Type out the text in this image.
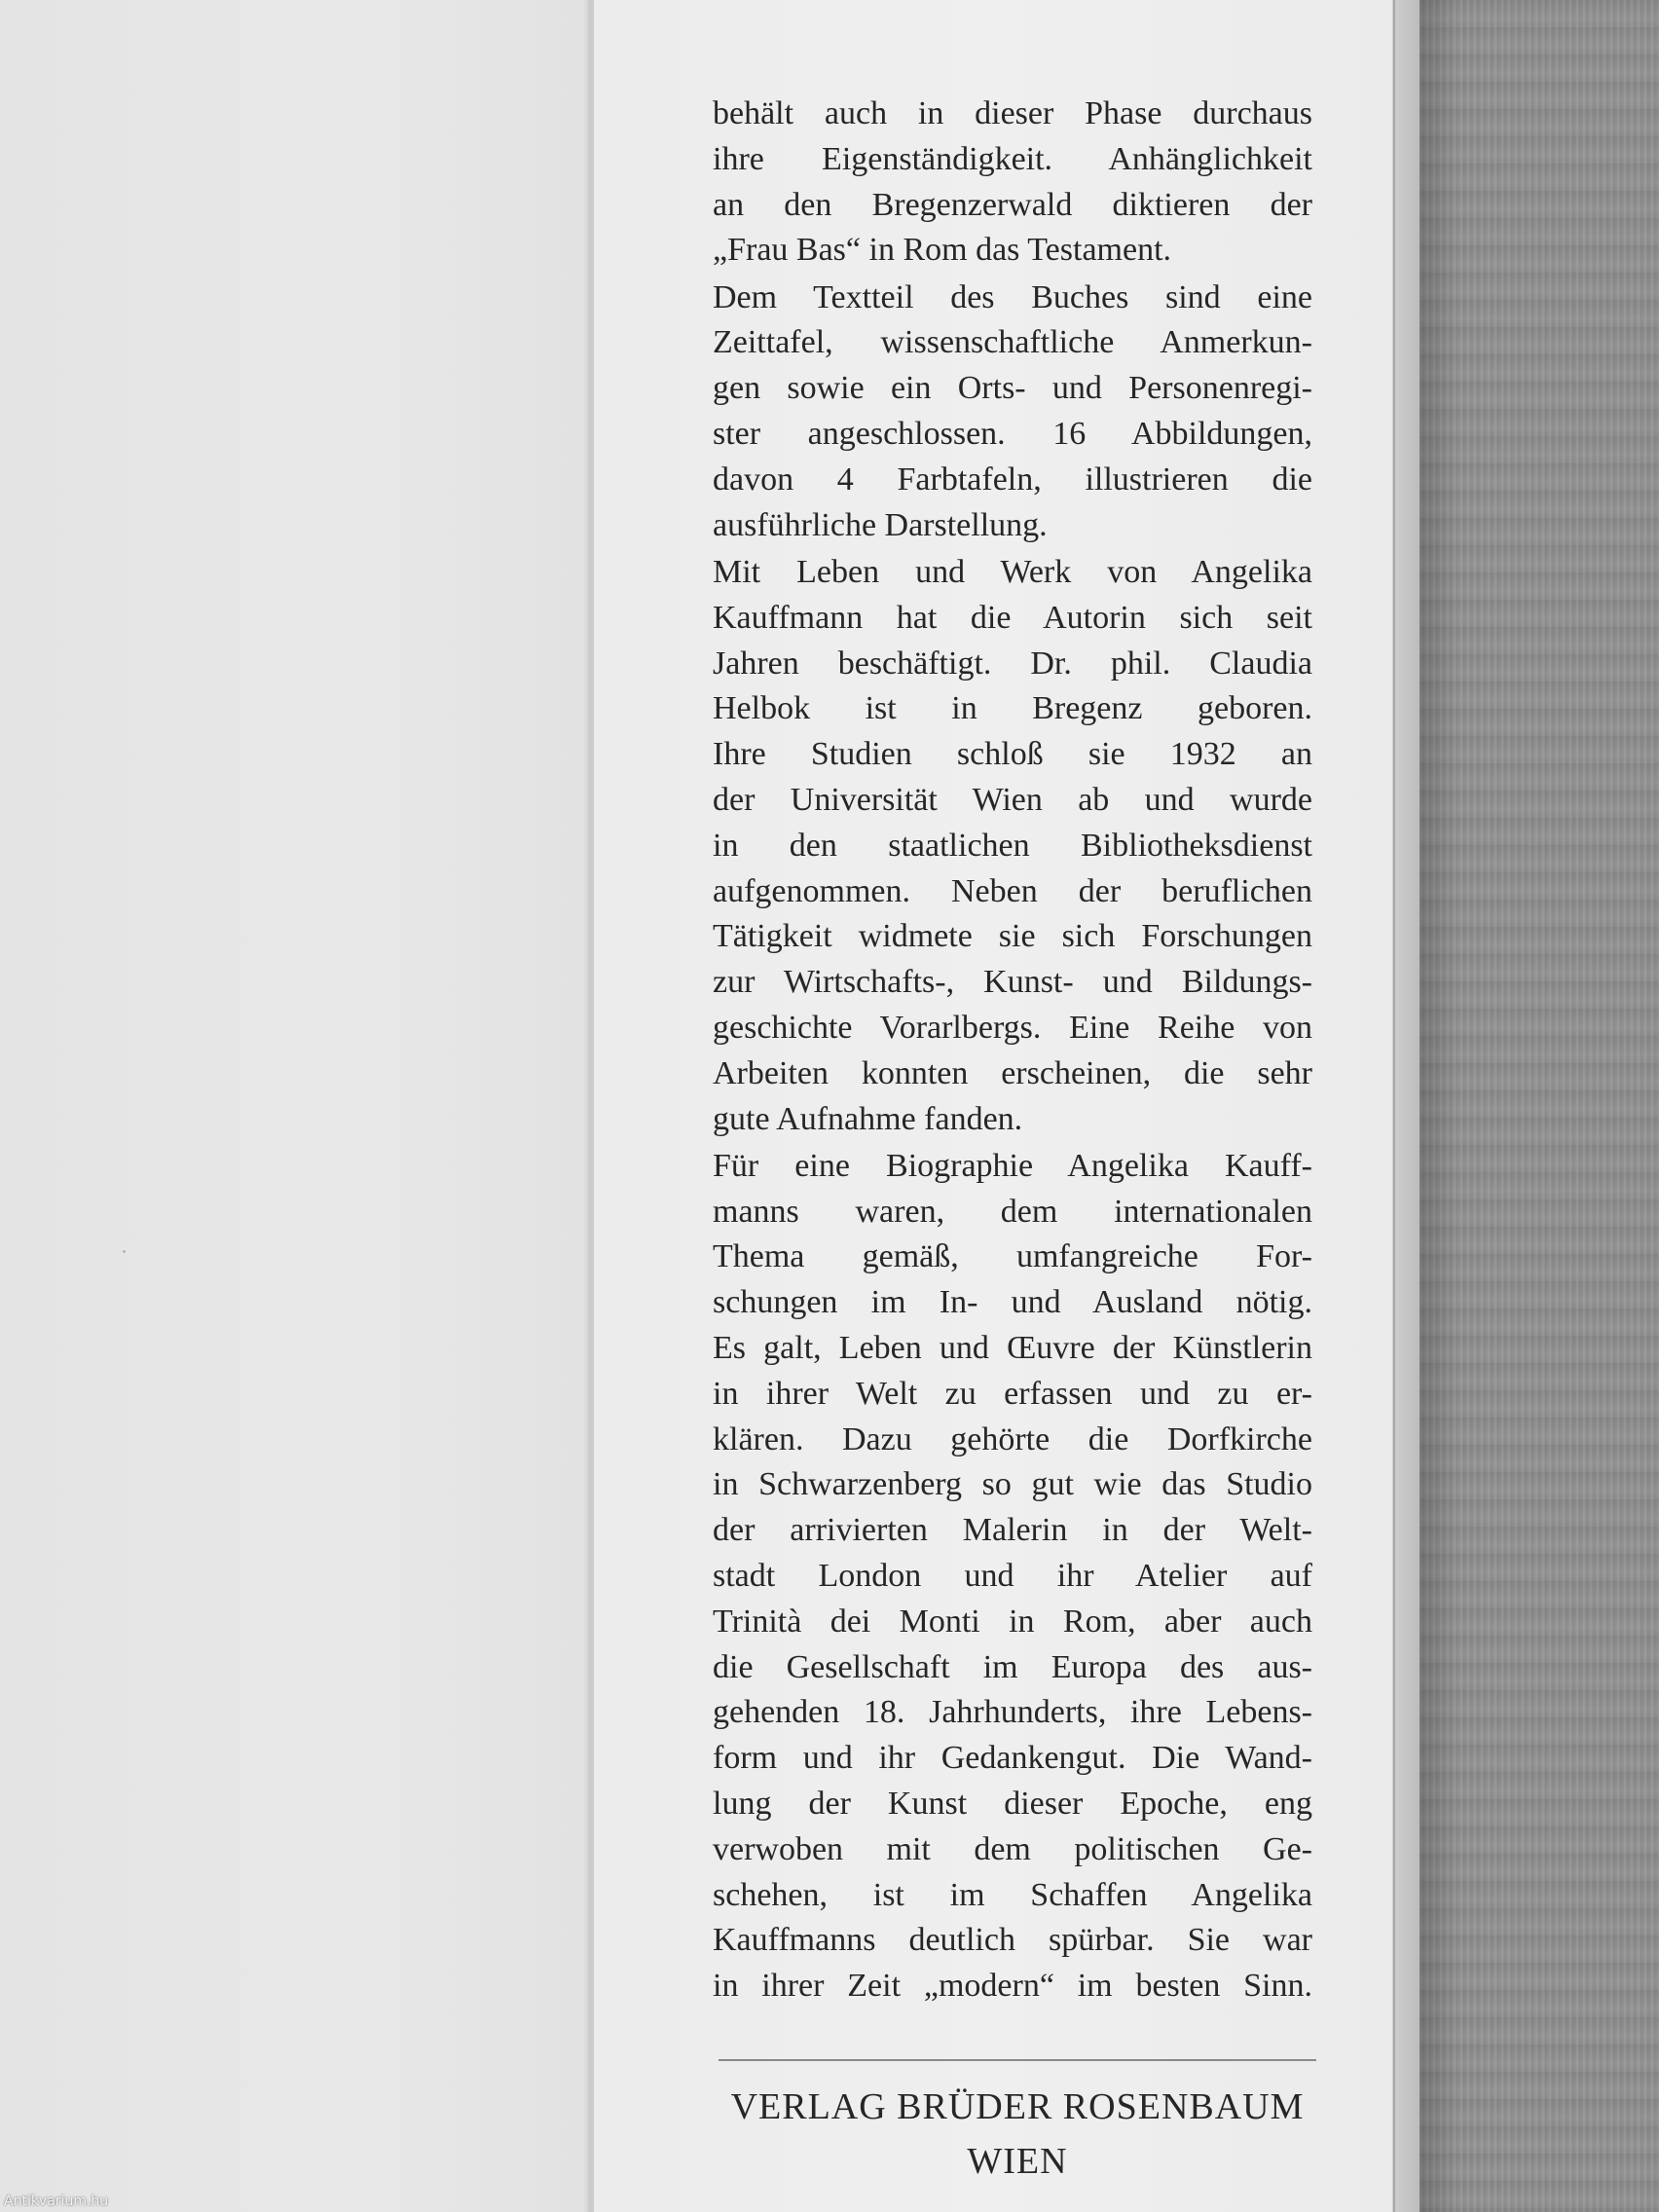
behält auch in dieser Phase durchaus
ihre Eigenständigkeit. Anhänglichkeit
an den Bregenzerwald diktieren der
„Frau Bas“ in Rom das Testament.

Dem Textteil des Buches sind eine
Zeittafel, wissenschaftliche Anmerkun-
gen sowie ein Orts- und Personenregi-
ster angeschlossen. 16 Abbildungen,
davon 4 Farbtafeln, illustrieren die
ausführliche Darstellung.

Mit Leben und Werk von Angelika
Kauffmann hat die Autorin sich seit
Jahren beschäftigt. Dr. phil. Claudia
Helbok ist in Bregenz geboren.
Ihre Studien schloß sie 1932 an
der Universität Wien ab und wurde
in den staatlichen Bibliotheksdienst
aufgenommen. Neben der beruflichen
Tätigkeit widmete sie sich Forschungen
zur Wirtschafts-, Kunst- und Bildungs-
geschichte Vorarlbergs. Eine Reihe von
Arbeiten konnten erscheinen, die sehr
gute Aufnahme fanden.

Für eine Biographie Angelika Kauff-
manns waren, dem internationalen
Thema gemäß, umfangreiche For-
schungen im In- und Ausland nötig.
Es galt, Leben und Œuvre der Künstlerin
in ihrer Welt zu erfassen und zu er-
klären. Dazu gehörte die Dorfkirche
in Schwarzenberg so gut wie das Studio
der arrivierten Malerin in der Welt-
stadt London und ihr Atelier auf
Trinità dei Monti in Rom, aber auch
die Gesellschaft im Europa des aus-
gehenden 18. Jahrhunderts, ihre Lebens-
form und ihr Gedankengut. Die Wand-
lung der Kunst dieser Epoche, eng
verwoben mit dem politischen Ge-
schehen, ist im Schaffen Angelika
Kauffmanns deutlich spürbar. Sie war
in ihrer Zeit „modern“ im besten Sinn.

VERLAG BRÜDER ROSENBAUM
WIEN
Antikvarium.hu
